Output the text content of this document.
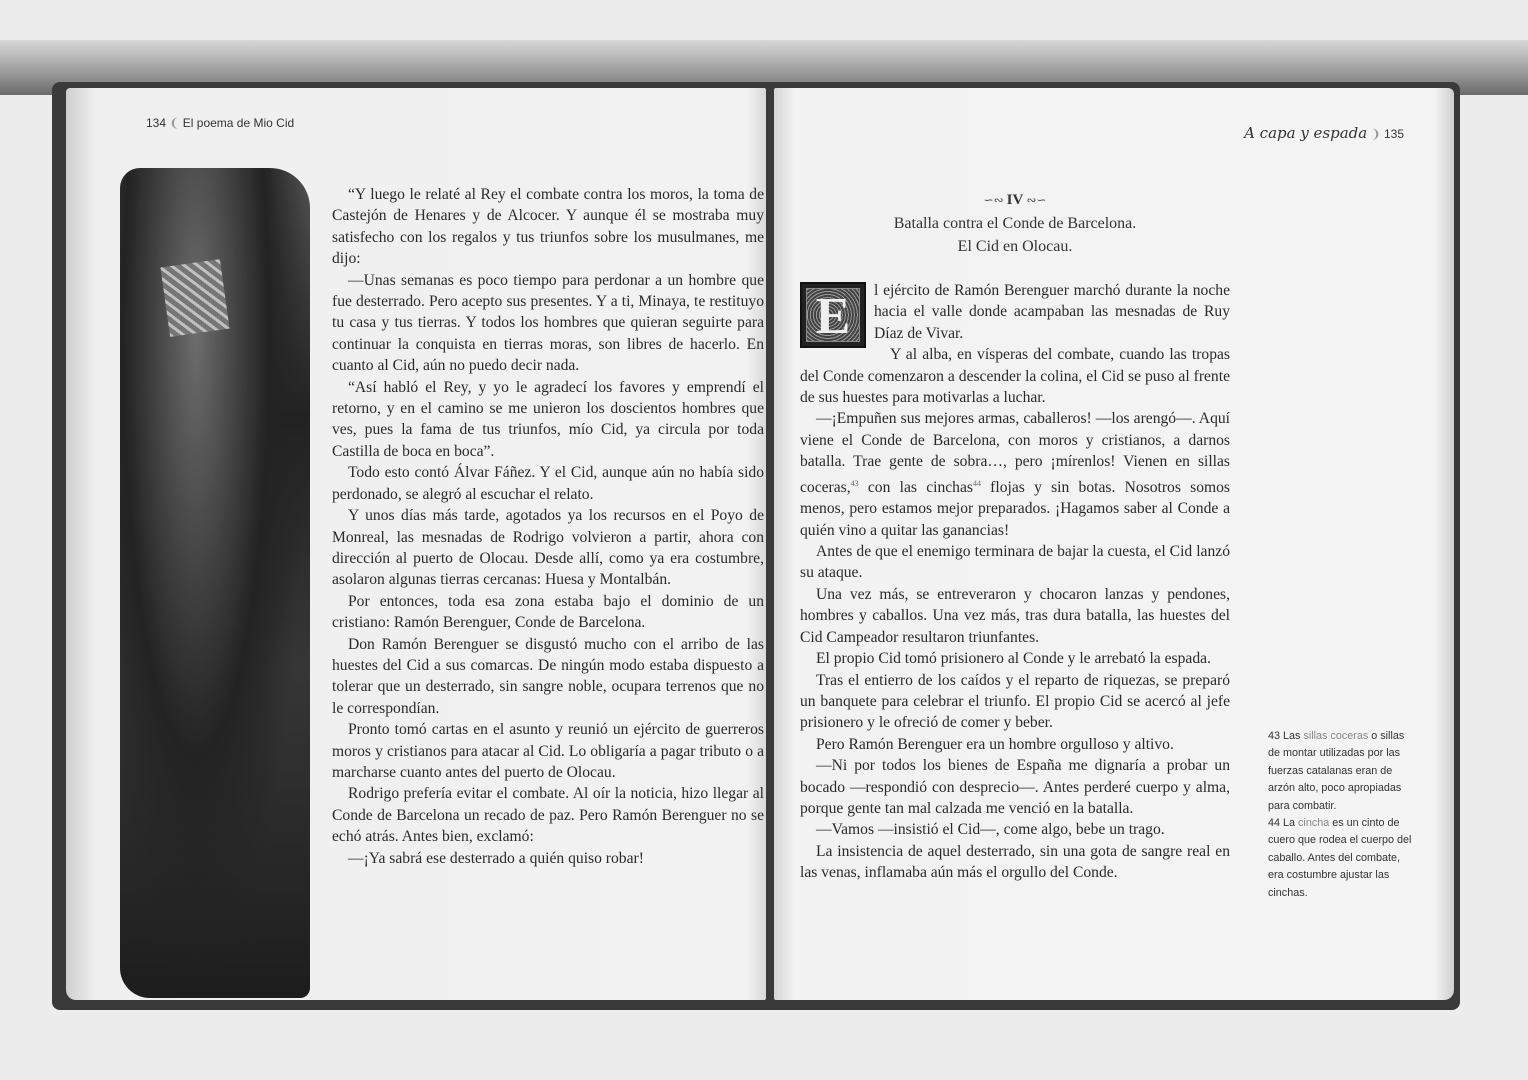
134 ❨ El poema de Mio Cid

“Y luego le relaté al Rey el combate contra los moros, la toma de Castejón de Henares y de Alcocer. Y aunque él se mostraba muy satisfecho con los regalos y tus triunfos sobre los musulmanes, me dijo:

—Unas semanas es poco tiempo para perdonar a un hombre que fue desterrado. Pero acepto sus presentes. Y a ti, Minaya, te restituyo tu casa y tus tierras. Y todos los hombres que quieran seguirte para continuar la conquista en tierras moras, son libres de hacerlo. En cuanto al Cid, aún no puedo decir nada.

“Así habló el Rey, y yo le agradecí los favores y emprendí el retorno, y en el camino se me unieron los doscientos hombres que ves, pues la fama de tus triunfos, mío Cid, ya circula por toda Castilla de boca en boca”.

Todo esto contó Álvar Fáñez. Y el Cid, aunque aún no había sido perdonado, se alegró al escuchar el relato.

Y unos días más tarde, agotados ya los recursos en el Poyo de Monreal, las mesnadas de Rodrigo volvieron a partir, ahora con dirección al puerto de Olocau. Desde allí, como ya era costumbre, asolaron algunas tierras cercanas: Huesa y Montalbán.

Por entonces, toda esa zona estaba bajo el dominio de un cristiano: Ramón Berenguer, Conde de Barcelona.

Don Ramón Berenguer se disgustó mucho con el arribo de las huestes del Cid a sus comarcas. De ningún modo estaba dispuesto a tolerar que un desterrado, sin sangre noble, ocupara terrenos que no le correspondían.

Pronto tomó cartas en el asunto y reunió un ejército de guerreros moros y cristianos para atacar al Cid. Lo obligaría a pagar tributo o a marcharse cuanto antes del puerto de Olocau.

Rodrigo prefería evitar el combate. Al oír la noticia, hizo llegar al Conde de Barcelona un recado de paz. Pero Ramón Berenguer no se echó atrás. Antes bien, exclamó:

—¡Ya sabrá ese desterrado a quién quiso robar!

A capa y espada ❩ 135
∽∾ IV ∾∽
Batalla contra el Conde de Barcelona.
El Cid en Olocau.

E	l ejército de Ramón Berenguer marchó durante la noche hacia el valle donde acampaban las mesnadas de Ruy Díaz de Vivar.

Y al alba, en vísperas del combate, cuando las tropas del Conde comenzaron a descender la colina, el Cid se puso al frente de sus huestes para motivarlas a luchar.

—¡Empuñen sus mejores armas, caballeros! —los arengó—. Aquí viene el Conde de Barcelona, con moros y cristianos, a darnos batalla. Trae gente de sobra…, pero ¡mírenlos! Vienen en sillas coceras,$^{43}$ con las cinchas$^{44}$ flojas y sin botas. Nosotros somos menos, pero estamos mejor preparados. ¡Hagamos saber al Conde a quién vino a quitar las ganancias!

Antes de que el enemigo terminara de bajar la cuesta, el Cid lanzó su ataque.

Una vez más, se entreveraron y chocaron lanzas y pendones, hombres y caballos. Una vez más, tras dura batalla, las huestes del Cid Campeador resultaron triunfantes.

El propio Cid tomó prisionero al Conde y le arrebató la espada.

Tras el entierro de los caídos y el reparto de riquezas, se preparó un banquete para celebrar el triunfo. El propio Cid se acercó al jefe prisionero y le ofreció de comer y beber.

Pero Ramón Berenguer era un hombre orgulloso y altivo.

—Ni por todos los bienes de España me dignaría a probar un bocado —respondió con desprecio—. Antes perderé cuerpo y alma, porque gente tan mal calzada me venció en la batalla.

—Vamos —insistió el Cid—, come algo, bebe un trago.

La insistencia de aquel desterrado, sin una gota de sangre real en las venas, inflamaba aún más el orgullo del Conde.

43 Las sillas coceras o sillas de montar utilizadas por las fuerzas catalanas eran de arzón alto, poco apropiadas para combatir.

44 La cincha es un cinto de cuero que rodea el cuerpo del caballo. Antes del combate, era costumbre ajustar las cinchas.
